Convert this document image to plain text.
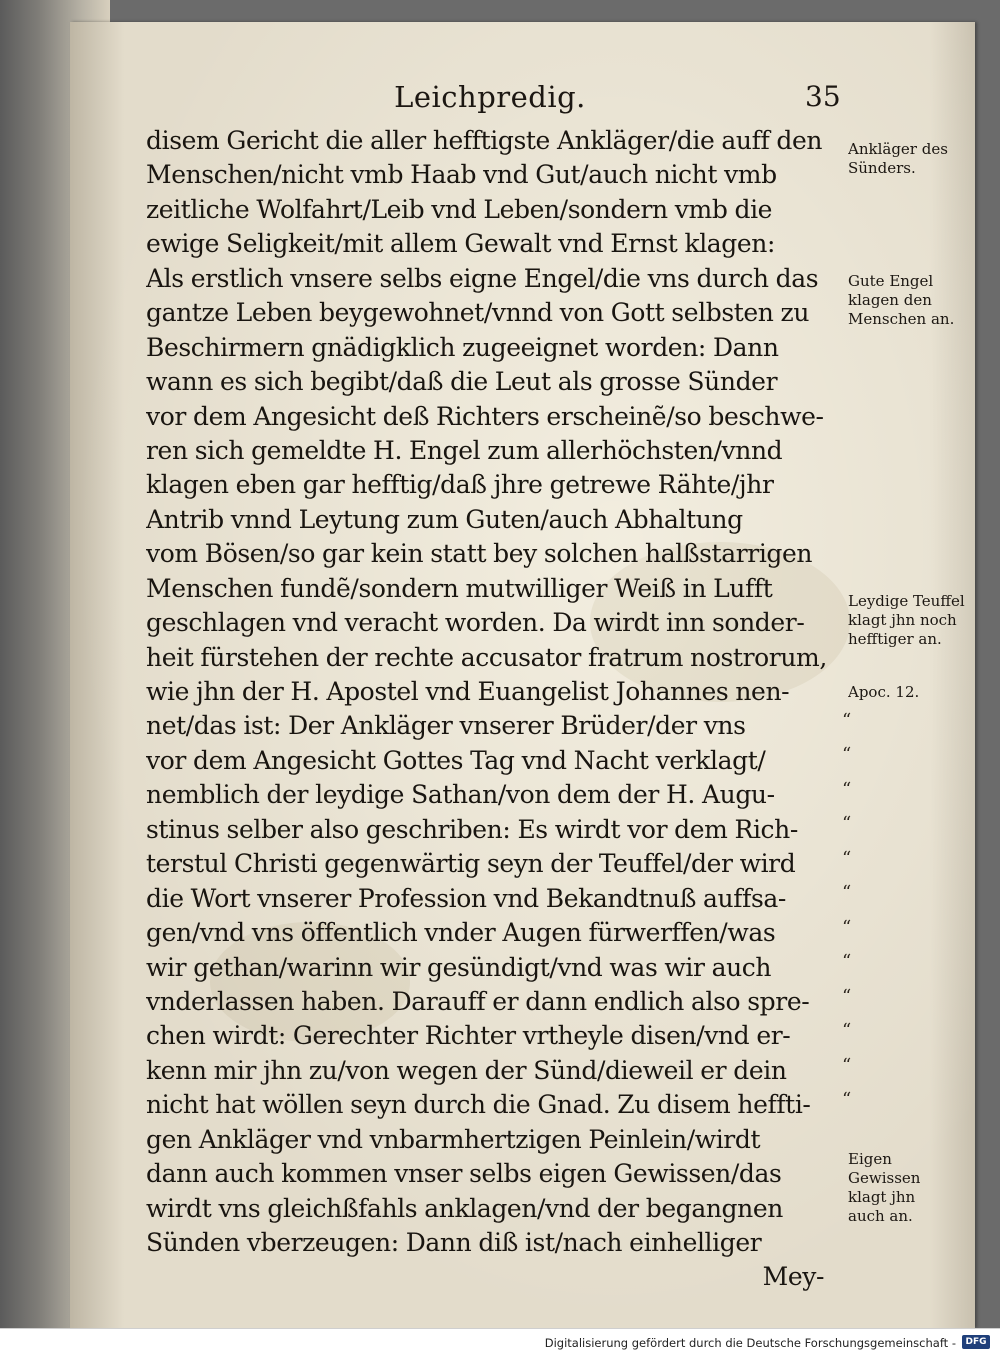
Leichpredig.	35
disem Gericht die aller hefftigste Ankläger/die auff den
Menschen/nicht vmb Haab vnd Gut/auch nicht vmb
zeitliche Wolfahrt/Leib vnd Leben/sondern vmb die
ewige Seligkeit/mit allem Gewalt vnd Ernst klagen:
Als erstlich vnsere selbs eigne Engel/die vns durch das
gantze Leben beygewohnet/vnnd von Gott selbsten zu
Beschirmern gnädigklich zugeeignet worden: Dann
wann es sich begibt/daß die Leut als grosse Sünder
vor dem Angesicht deß Richters erscheinẽ/so beschwe-
ren sich gemeldte H. Engel zum allerhöchsten/vnnd
klagen eben gar hefftig/daß jhre getrewe Rähte/jhr
Antrib vnnd Leytung zum Guten/auch Abhaltung
vom Bösen/so gar kein statt bey solchen halßstarrigen
Menschen fundẽ/sondern mutwilliger Weiß in Lufft
geschlagen vnd veracht worden. Da wirdt inn sonder-
heit fürstehen der rechte accusator fratrum nostrorum,
wie jhn der H. Apostel vnd Euangelist Johannes nen-
net/das ist: Der Ankläger vnserer Brüder/der vns
vor dem Angesicht Gottes Tag vnd Nacht verklagt/
nemblich der leydige Sathan/von dem der H. Augu-
stinus selber also geschriben: Es wirdt vor dem Rich-
terstul Christi gegenwärtig seyn der Teuffel/der wird
die Wort vnserer Profession vnd Bekandtnuß auffsa-
gen/vnd vns öffentlich vnder Augen fürwerffen/was
wir gethan/warinn wir gesündigt/vnd was wir auch
vnderlassen haben. Darauff er dann endlich also spre-
chen wirdt: Gerechter Richter vrtheyle disen/vnd er-
kenn mir jhn zu/von wegen der Sünd/dieweil er dein
nicht hat wöllen seyn durch die Gnad. Zu disem heffti-
gen Ankläger vnd vnbarmhertzigen Peinlein/wirdt
dann auch kommen vnser selbs eigen Gewissen/das
wirdt vns gleichßfahls anklagen/vnd der begangnen
Sünden vberzeugen: Dann diß ist/nach einhelliger
Mey-
Ankläger des Sünders.
Gute Engel klagen den Menschen an.
Leydige Teuffel klagt jhn noch hefftiger an.
Apoc. 12.
Eigen Gewissen klagt jhn auch an.
“
“
“
“
“
“
“
“
“
“
“
“
Digitalisierung gefördert durch die Deutsche Forschungsgemeinschaft -	DFG
